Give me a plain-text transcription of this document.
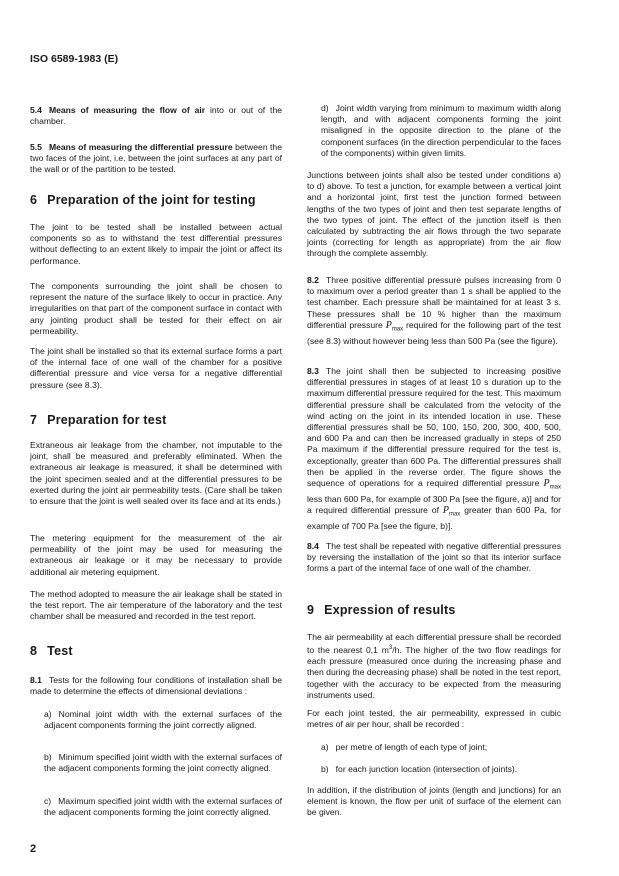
ISO 6589-1983 (E)
5.4 Means of measuring the flow of air into or out of the chamber.
5.5 Means of measuring the differential pressure between the two faces of the joint, i.e. between the joint surfaces at any part of the wall or of the partition to be tested.
6 Preparation of the joint for testing
The joint to be tested shall be installed between actual components so as to withstand the test differential pressures without deflecting to an extent likely to impair the joint or affect its performance.
The components surrounding the joint shall be chosen to represent the nature of the surface likely to occur in practice. Any irregularities on that part of the component surface in contact with any jointing product shall be tested for their effect on air permeability.
The joint shall be installed so that its external surface forms a part of the internal face of one wall of the chamber for a positive differential pressure and vice versa for a negative differential pressure (see 8.3).
7 Preparation for test
Extraneous air leakage from the chamber, not imputable to the joint, shall be measured and preferably eliminated. When the extraneous air leakage is measured, it shall be determined with the joint specimen sealed and at the differential pressures to be exerted during the joint air permeability tests. (Care shall be taken to ensure that the joint is well sealed over its face and at its ends.)
The metering equipment for the measurement of the air permeability of the joint may be used for measuring the extraneous air leakage or it may be necessary to provide additional air metering equipment.
The method adopted to measure the air leakage shall be stated in the test report. The air temperature of the laboratory and the test chamber shall be measured and recorded in the test report.
8 Test
8.1 Tests for the following four conditions of installation shall be made to determine the effects of dimensional deviations :
a) Nominal joint width with the external surfaces of the adjacent components forming the joint correctly aligned.
b) Minimum specified joint width with the external surfaces of the adjacent components forming the joint correctly aligned.
c) Maximum specified joint width with the external surfaces of the adjacent components forming the joint correctly aligned.
2
d) Joint width varying from minimum to maximum width along length, and with adjacent components forming the joint misaligned in the opposite direction to the plane of the component surfaces (in the direction perpendicular to the faces of the components) within given limits.
Junctions between joints shall also be tested under conditions a) to d) above. To test a junction, for example between a vertical joint and a horizontal joint, first test the junction formed between lengths of the two types of joint and then test separate lengths of the two types of joint. The effect of the junction itself is then calculated by subtracting the air flows through the two separate joints (correcting for length as appropriate) from the air flow through the complete assembly.
8.2 Three positive differential pressure pulses increasing from 0 to maximum over a period greater than 1 s shall be applied to the test chamber. Each pressure shall be maintained for at least 3 s. These pressures shall be 10 % higher than the maximum differential pressure $P_{max}$ required for the following part of the test (see 8.3) without however being less than 500 Pa (see the figure).
8.3 The joint shall then be subjected to increasing positive differential pressures in stages of at least 10 s duration up to the maximum differential pressure required for the test. This maximum differential pressure shall be calculated from the velocity of the wind acting on the joint in its intended location in use. These differential pressures shall be 50, 100, 150, 200, 300, 400, 500, and 600 Pa and can then be increased gradually in steps of 250 Pa maximum if the differential pressure required for the test is, exceptionally, greater than 600 Pa. The differential pressures shall then be applied in the reverse order. The figure shows the sequence of operations for a required differential pressure $P_{max}$ less than 600 Pa, for example of 300 Pa [see the figure, a)] and for a required differential pressure of $P_{max}$ greater than 600 Pa, for example of 700 Pa [see the figure, b)].
8.4 The test shall be repeated with negative differential pressures by reversing the installation of the joint so that its interior surface forms a part of the internal face of one wall of the chamber.
9 Expression of results
The air permeability at each differential pressure shall be recorded to the nearest 0,1 $m^3/h$. The higher of the two flow readings for each pressure (measured once during the increasing phase and then during the decreasing phase) shall be noted in the test report, together with the accuracy to be expected from the measuring instruments used.
For each joint tested, the air permeability, expressed in cubic metres of air per hour, shall be recorded :
a) per metre of length of each type of joint;
b) for each junction location (intersection of joints).
In addition, if the distribution of joints (length and junctions) for an element is known, the flow per unit of surface of the element can be given.
